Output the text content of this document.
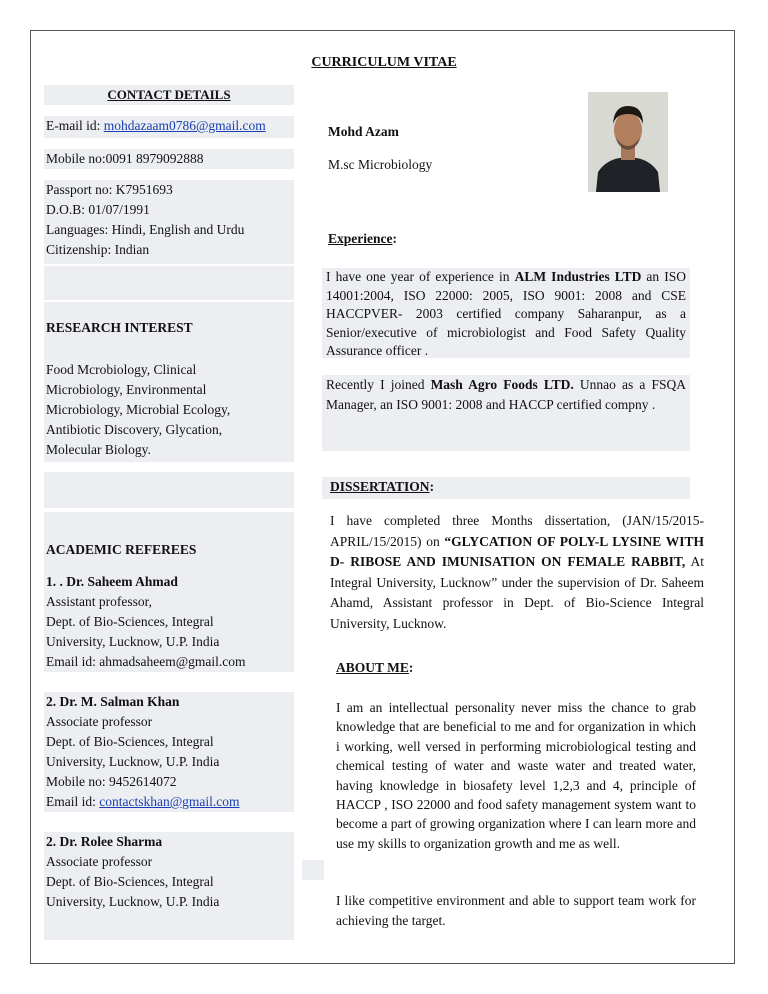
CURRICULUM VITAE
CONTACT DETAILS
E-mail id: mohdazaam0786@gmail.com
Mobile no:0091 8979092888
Passport no: K7951693
D.O.B: 01/07/1991
Languages: Hindi, English and Urdu
Citizenship: Indian
RESEARCH INTEREST
Food Mcrobiology, Clinical
Microbiology, Environmental
Microbiology, Microbial Ecology,
Antibiotic Discovery, Glycation,
Molecular Biology.
ACADEMIC REFEREES
1. . Dr. Saheem Ahmad
Assistant professor,
Dept. of Bio-Sciences, Integral
University, Lucknow, U.P. India
Email id: ahmadsaheem@gmail.com
2. Dr. M. Salman Khan
Associate professor
Dept. of Bio-Sciences, Integral
University, Lucknow, U.P. India
Mobile no: 9452614072
Email id: contactskhan@gmail.com
2. Dr. Rolee Sharma
Associate professor
Dept. of Bio-Sciences, Integral
University, Lucknow, U.P. India
Mohd Azam
M.sc Microbiology
Experience:
I have one year of experience in ALM Industries LTD an ISO 14001:2004, ISO 22000: 2005, ISO 9001: 2008 and CSE HACCPVER- 2003 certified company Saharanpur, as a Senior/executive of microbiologist and Food Safety Quality Assurance officer .
Recently I joined Mash Agro Foods LTD. Unnao as a FSQA Manager, an ISO 9001: 2008 and HACCP certified compny .
DISSERTATION:
I have completed three Months dissertation, (JAN/15/2015-APRIL/15/2015) on “GLYCATION OF POLY-L LYSINE WITH D- RIBOSE AND IMUNISATION ON FEMALE RABBIT, At Integral University, Lucknow” under the supervision of Dr. Saheem Ahamd, Assistant professor in Dept. of Bio-Science Integral University, Lucknow.
ABOUT ME:
I am an intellectual personality never miss the chance to grab knowledge that are beneficial to me and for organization in which i working, well versed in performing microbiological testing and chemical testing of water and waste water and treated water, having knowledge in biosafety level 1,2,3 and 4, principle of HACCP , ISO 22000 and food safety management system want to become a part of growing organization where I can learn more and use my skills to organization growth and me as well.
I like competitive environment and able to support team work for achieving the target.
